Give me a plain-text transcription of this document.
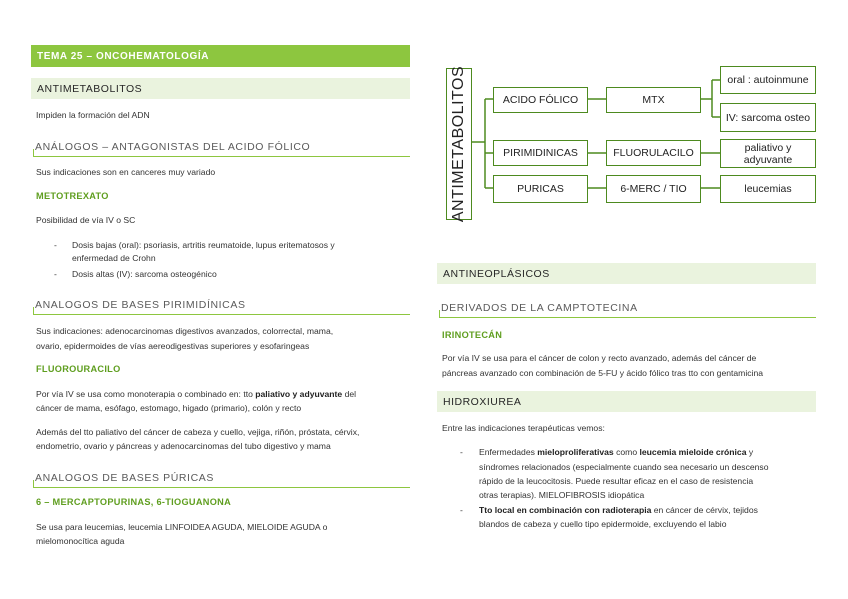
TEMA 25 – ONCOHEMATOLOGÍA
ANTIMETABOLITOS
Impiden la formación del ADN
ANÁLOGOS – ANTAGONISTAS DEL ACIDO FÓLICO
Sus indicaciones son en canceres muy variado
METOTREXATO
Posibilidad de vía IV o SC
- Dosis bajas (oral): psoriasis, artritis reumatoide, lupus eritematosos y
enfermedad de Crohn
- Dosis altas (IV): sarcoma osteogénico
ANALOGOS DE BASES PIRIMIDÍNICAS
Sus indicaciones: adenocarcinomas digestivos avanzados, colorrectal, mama,
ovario, epidermoides de vías aereodigestivas superiores y esofaringeas
FLUOROURACILO
Por vía IV se usa como monoterapia o combinado en: tto paliativo y adyuvante del
cáncer de mama, esófago, estomago, higado (primario), colón y recto
Además del tto paliativo del cáncer de cabeza y cuello, vejiga, riñón, próstata, cérvix,
endometrio, ovario y páncreas y adenocarcinomas del tubo digestivo y mama
ANALOGOS DE BASES PÚRICAS
6 – MERCAPTOPURINAS, 6-TIOGUANONA
Se usa para leucemias, leucemia LINFOIDEA AGUDA, MIELOIDE AGUDA o
mielomonocítica aguda
ANTIMETABOLITOS	ACIDO FÓLICO	MTX
oral : autoinmune
IV: sarcoma osteo
PIRIMIDINICAS	FLUORULACILO	paliativo y adyuvante
PURICAS	6-MERC / TIO	leucemias
ANTINEOPLÁSICOS
DERIVADOS DE LA CAMPTOTECINA
IRINOTECÁN
Por vía IV se usa para el cáncer de colon y recto avanzado, además del cáncer de
páncreas avanzado con combinación de 5-FU y ácido fólico tras tto con gentamicina
HIDROXIUREA
Entre las indicaciones terapéuticas vemos:
- Enfermedades mieloproliferativas como leucemia mieloide crónica y
síndromes relacionados (especialmente cuando sea necesario un descenso
rápido de la leucocitosis. Puede resultar eficaz en el caso de resistencia
otras terapias). MIELOFIBROSIS idiopática
- Tto local en combinación con radioterapia en cáncer de cérvix, tejidos
blandos de cabeza y cuello tipo epidermoide, excluyendo el labio
